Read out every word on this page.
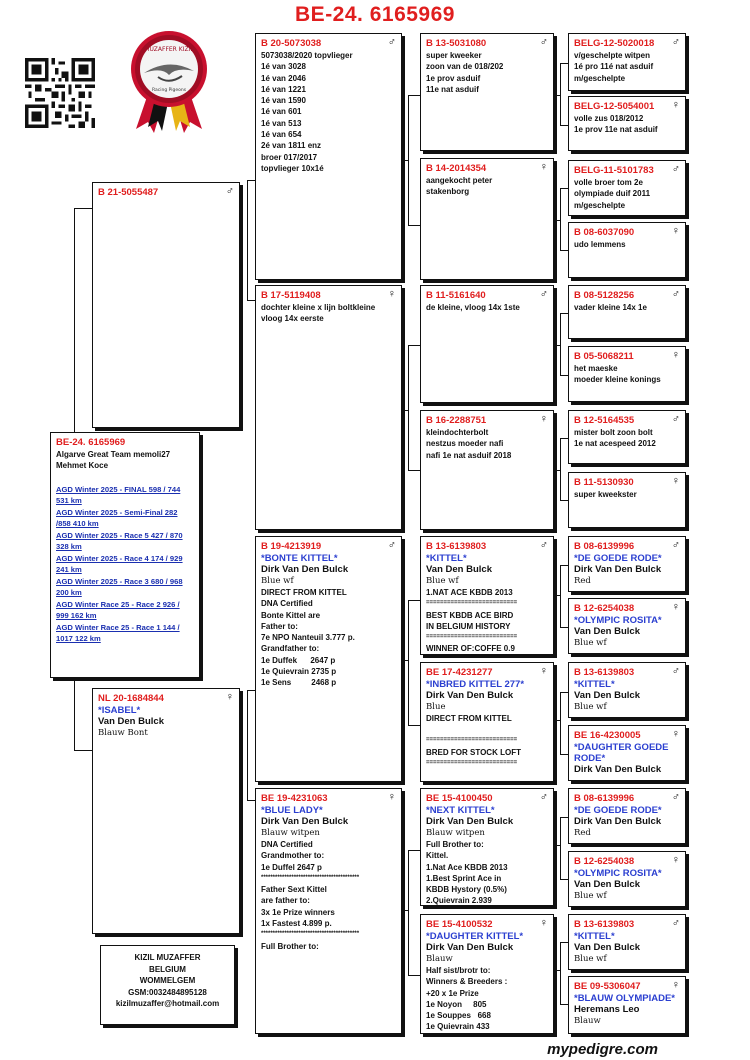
BE-24. 6165969
MUZAFFER KIZIL
Racing Pigeons
BE-24. 6165969
Algarve Great Team memoli27
Mehmet Koce
AGD Winter 2025 - FINAL 598 / 744 531 km
AGD Winter 2025 - Semi-Final 282 /858 410 km
AGD Winter 2025 - Race 5 427 / 870 328 km
AGD Winter 2025 - Race 4 174 / 929 241 km
AGD Winter 2025 - Race 3 680 / 968 200 km
AGD Winter Race 25 - Race 2 926 / 999 162 km
AGD Winter Race 25 - Race 1 144 / 1017 122 km
B 21-5055487	♂
NL 20-1684844	♀
*ISABEL*
Van Den Bulck
Blauw Bont
B 20-5073038	♂
5073038/2020 topvlieger
1é van 3028
1é van 2046
1é van 1221
1é van 1590
1é van 601
1é van 513
1é van 654
2é van 1811 enz
broer 017/2017
topvlieger 10x1é
B 17-5119408	♀
dochter kleine x lijn boltkleine
vloog 14x eerste
B 19-4213919	♂
*BONTE KITTEL*
Dirk Van Den Bulck
Blue wf
DIRECT FROM KITTEL
DNA Certified
Bonte Kittel are
Father to:
7e NPO Nanteuil 3.777 p.
Grandfather to:
1e Duffek      2647 p
1e Quievrain 2735 p
1e Sens         2468 p
BE 19-4231063	♀
*BLUE LADY*
Dirk Van Den Bulck
Blauw witpen
DNA Certified
Grandmother to:
1e Duffel 2647 p
******************************************
Father Sext Kittel
are father to:
3x 1e Prize winners
1x Fastest 4.899 p.
******************************************
Full Brother to:
B 13-5031080	♂
super kweeker
zoon van de 018/202
1e prov asduif
11e nat asduif
B 14-2014354	♀
aangekocht peter
stakenborg
B 11-5161640	♂
de kleine, vloog 14x 1ste
B 16-2288751	♀
kleindochterbolt
nestzus moeder nafi
nafi 1e nat asduif 2018
B 13-6139803	♂
*KITTEL*
Van Den Bulck
Blue wf
1.NAT ACE KBDB 2013
==========================
BEST KBDB ACE BIRD
IN BELGIUM HISTORY
==========================
WINNER OF:COFFE 0.9
BE 17-4231277	♀
*INBRED KITTEL 277*
Dirk Van Den Bulck
Blue
DIRECT FROM KITTEL
==========================
BRED FOR STOCK LOFT
==========================
BE 15-4100450	♂
*NEXT KITTEL*
Dirk Van Den Bulck
Blauw witpen
Full Brother to:
Kittel.
1.Nat Ace KBDB 2013
1.Best Sprint Ace in
KBDB Hystory (0.5%)
2.Quievrain 2.939
BE 15-4100532	♀
*DAUGHTER KITTEL*
Dirk Van Den Bulck
Blauw
Half sist/brotr to:
Winners & Breeders :
+20 x 1e Prize
1e Noyon     805
1e Souppes   668
1e Quievrain 433
BELG-12-5020018	♂
v/geschelpte witpen
1é pro 11é nat asduif
m/geschelpte
BELG-12-5054001	♀
volle zus 018/2012
1e prov 11e nat asduif
BELG-11-5101783	♂
volle broer tom 2e
olympiade duif 2011
m/geschelpte
B 08-6037090	♀
udo lemmens
B 08-5128256	♂
vader kleine 14x 1e
B 05-5068211	♀
het maeske
moeder kleine konings
B 12-5164535	♂
mister bolt zoon bolt
1e nat acespeed 2012
B 11-5130930	♀
super kweekster
B 08-6139996	♂
*DE GOEDE RODE*
Dirk Van Den Bulck
Red
B 12-6254038	♀
*OLYMPIC ROSITA*
Van Den Bulck
Blue wf
B 13-6139803	♂
*KITTEL*
Van Den Bulck
Blue wf
BE 16-4230005	♀
*DAUGHTER GOEDE RODE*
Dirk Van Den Bulck
B 08-6139996	♂
*DE GOEDE RODE*
Dirk Van Den Bulck
Red
B 12-6254038	♀
*OLYMPIC ROSITA*
Van Den Bulck
Blue wf
B 13-6139803	♂
*KITTEL*
Van Den Bulck
Blue wf
BE 09-5306047	♀
*BLAUW OLYMPIADE*
Heremans Leo
Blauw
KIZIL MUZAFFER
BELGIUM
WOMMELGEM
GSM:0032484895128
kizilmuzaffer@hotmail.com
mypedigre.com
